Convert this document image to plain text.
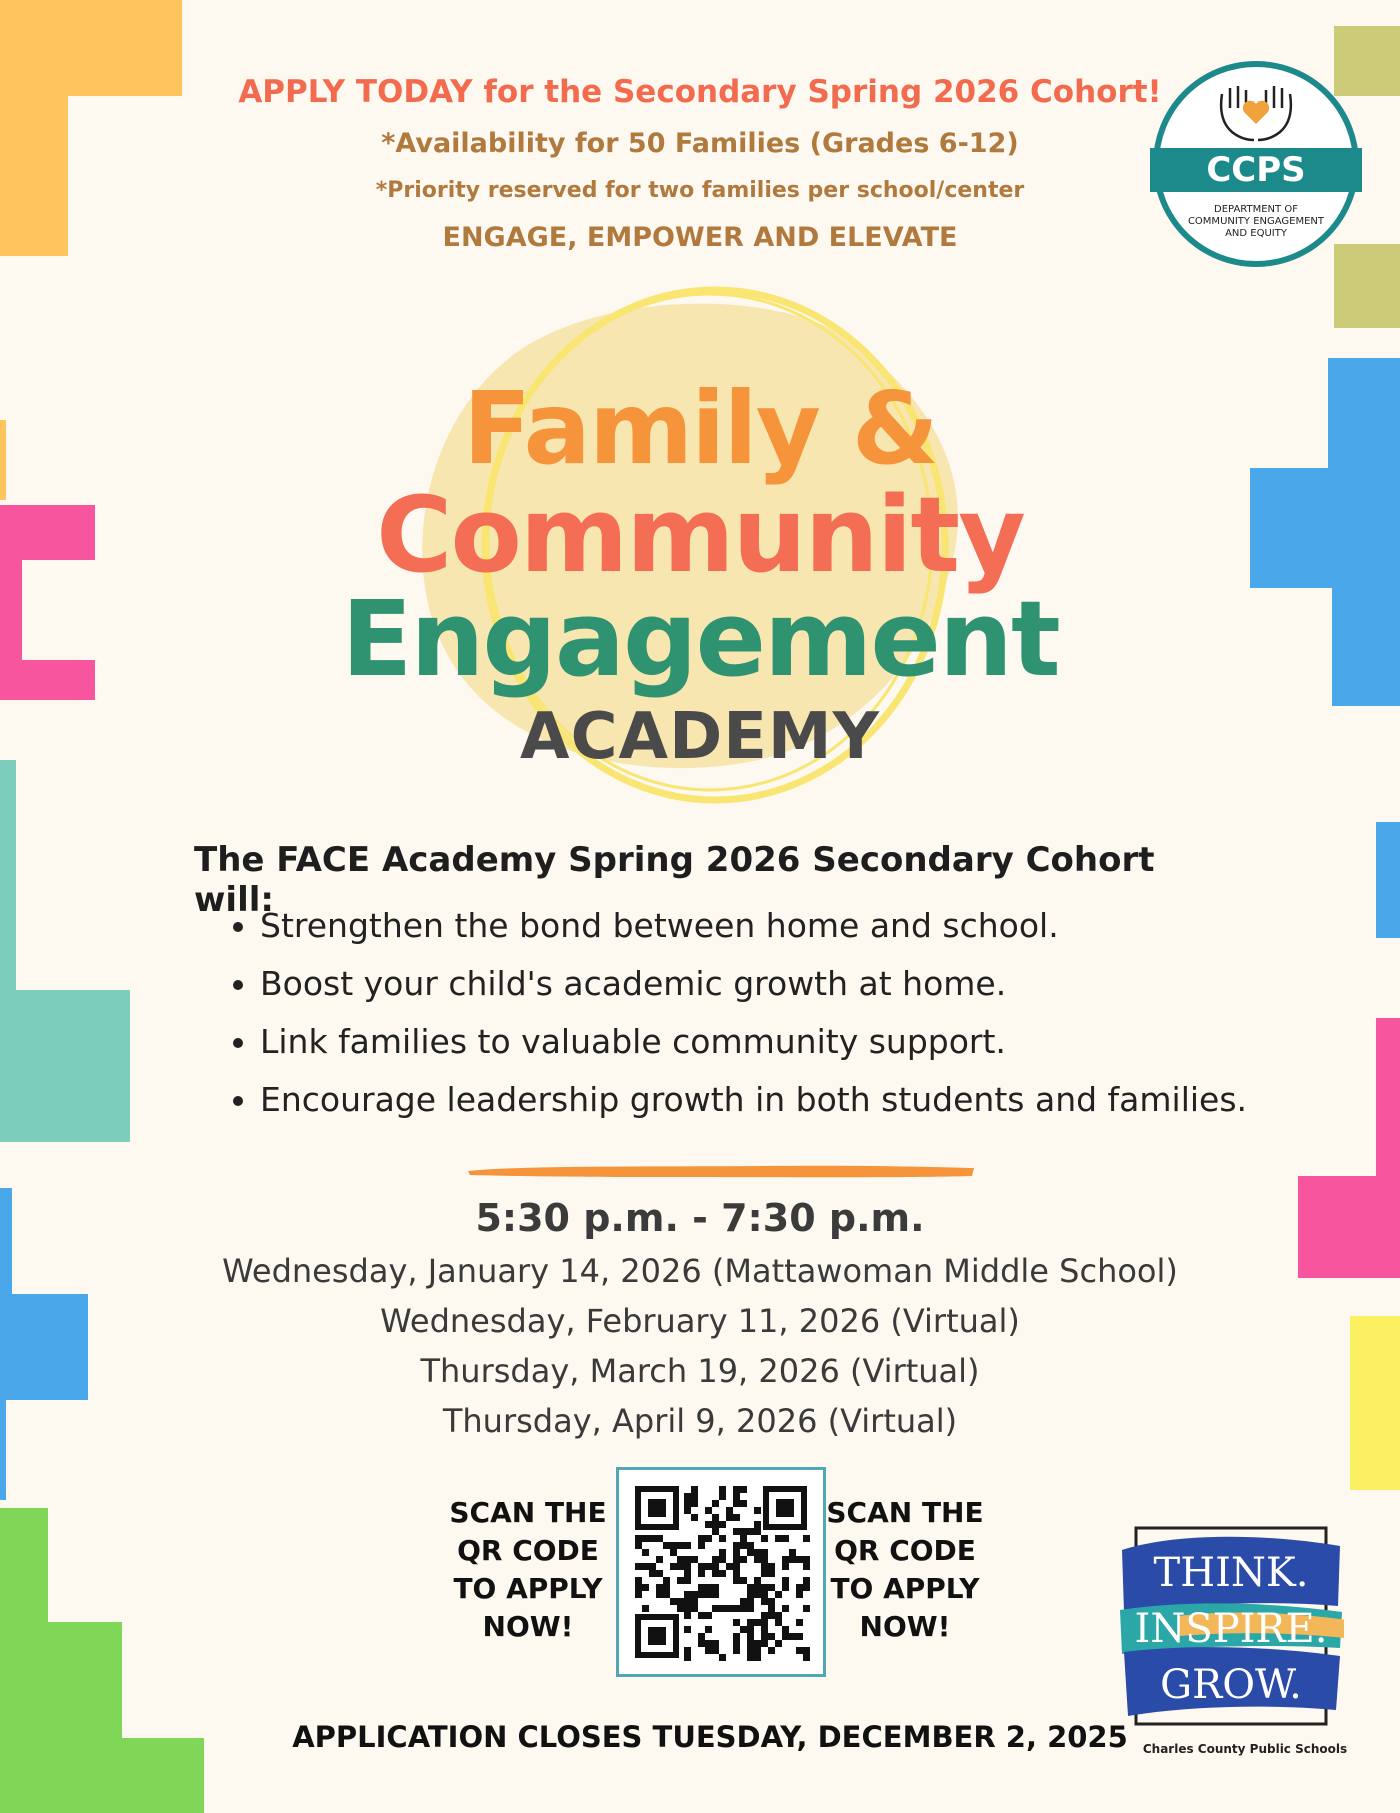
APPLY TODAY for the Secondary Spring 2026 Cohort!
*Availability for 50 Families (Grades 6-12)
*Priority reserved for two families per school/center
ENGAGE, EMPOWER AND ELEVATE
CCPS
DEPARTMENT OF
COMMUNITY ENGAGEMENT
AND EQUITY
Family &
Community
Engagement
ACADEMY
The FACE Academy Spring 2026 Secondary Cohort will:
• Strengthen the bond between home and school.
• Boost your child's academic growth at home.
• Link families to valuable community support.
• Encourage leadership growth in both students and families.
5:30 p.m. - 7:30 p.m.
Wednesday, January 14, 2026 (Mattawoman Middle School)
Wednesday, February 11, 2026 (Virtual)
Thursday, March 19, 2026 (Virtual)
Thursday, April 9, 2026 (Virtual)
SCAN THE
QR CODE
TO APPLY
NOW!
SCAN THE
QR CODE
TO APPLY
NOW!
APPLICATION CLOSES TUESDAY, DECEMBER 2, 2025
THINK.
INSPIRE.
GROW.
Charles County Public Schools
